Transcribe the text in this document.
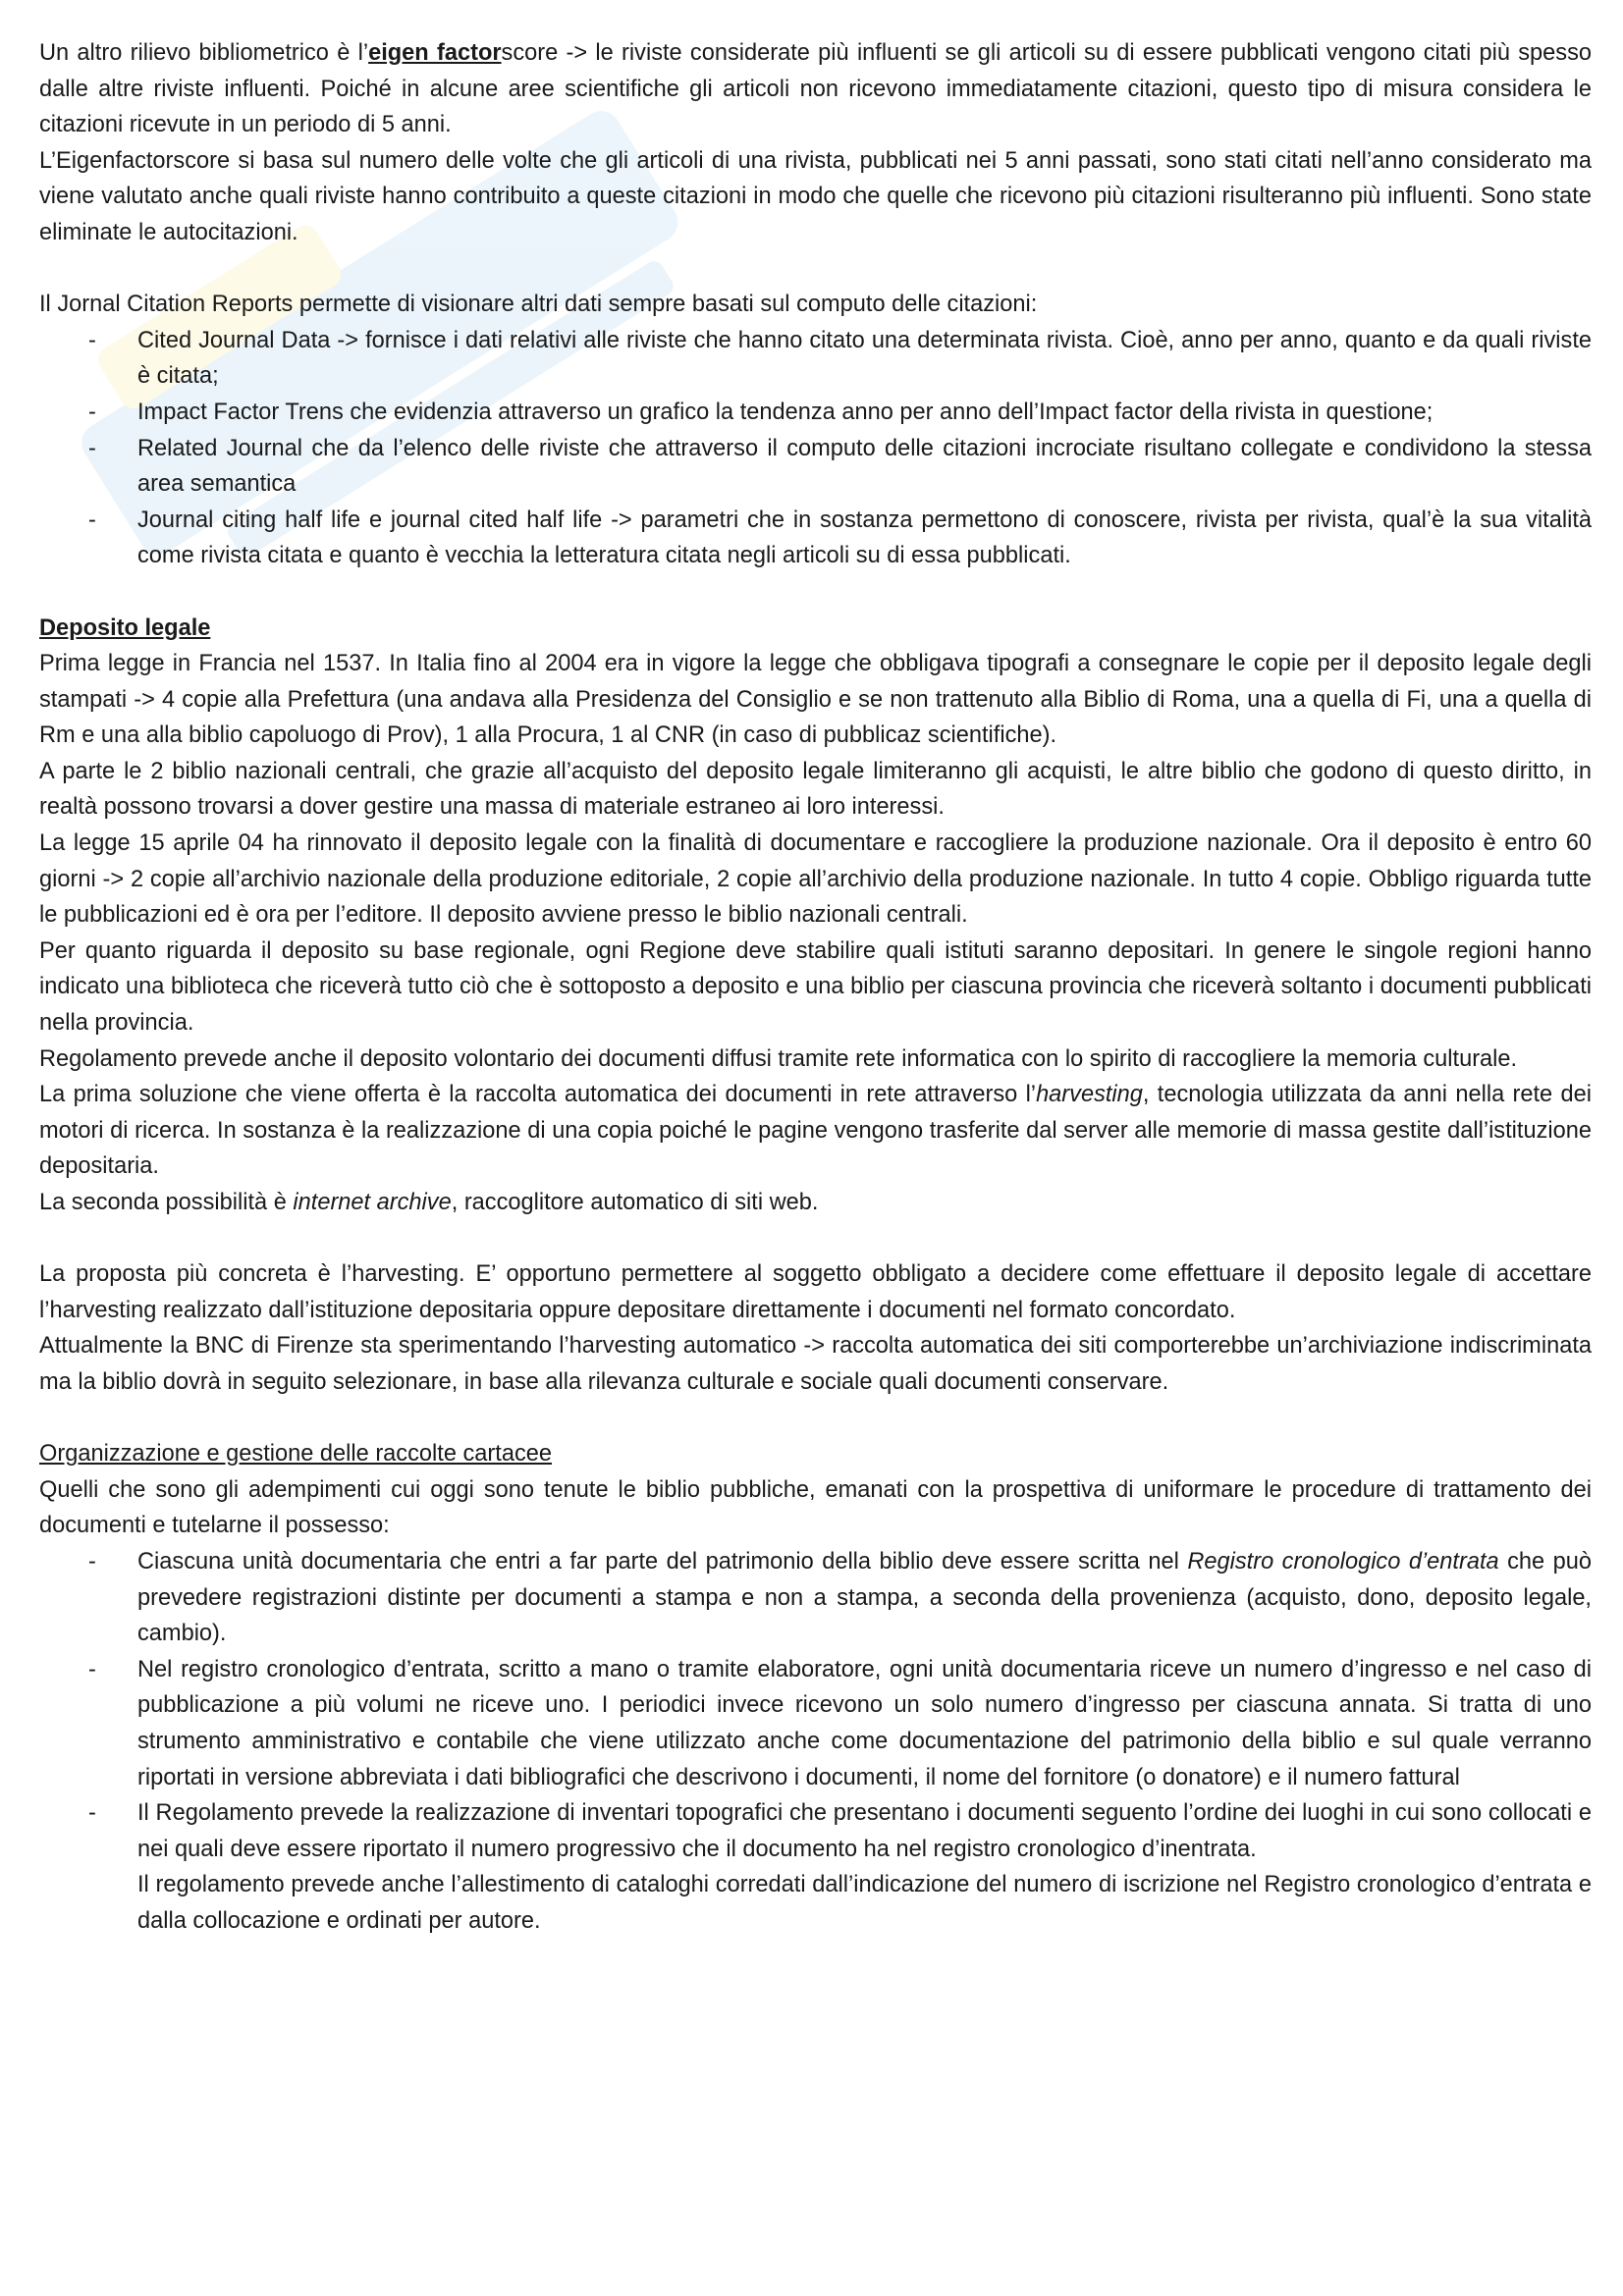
Un altro rilievo bibliometrico è l’eigen factorscore -> le riviste considerate più influenti se gli articoli su di essere pubblicati vengono citati più spesso dalle altre riviste influenti. Poiché in alcune aree scientifiche gli articoli non ricevono immediatamente citazioni, questo tipo di misura considera le citazioni ricevute in un periodo di 5 anni.

L’Eigenfactorscore si basa sul numero delle volte che gli articoli di una rivista, pubblicati nei 5 anni passati, sono stati citati nell’anno considerato ma viene valutato anche quali riviste hanno contribuito a queste citazioni in modo che quelle che ricevono più citazioni risulteranno più influenti. Sono state eliminate le autocitazioni.

Il Jornal Citation Reports permette di visionare altri dati sempre basati sul computo delle citazioni:

- Cited Journal Data -> fornisce i dati relativi alle riviste che hanno citato una determinata rivista. Cioè, anno per anno, quanto e da quali riviste è citata;

- Impact Factor Trens che evidenzia attraverso un grafico la tendenza anno per anno dell’Impact factor della rivista in questione;

- Related Journal che da l’elenco delle riviste che attraverso il computo delle citazioni incrociate risultano collegate e condividono la stessa area semantica

- Journal citing half life e journal cited half life -> parametri che in sostanza permettono di conoscere, rivista per rivista, qual’è la sua vitalità come rivista citata e quanto è vecchia la letteratura citata negli articoli su di essa pubblicati.

Deposito legale

Prima legge in Francia nel 1537. In Italia fino al 2004 era in vigore la legge che obbligava tipografi a consegnare le copie per il deposito legale degli stampati -> 4 copie alla Prefettura (una andava alla Presidenza del Consiglio e se non trattenuto alla Biblio di Roma, una a quella di Fi, una a quella di Rm e una alla biblio capoluogo di Prov), 1 alla Procura, 1 al CNR (in caso di pubblicaz scientifiche).

A parte le 2 biblio nazionali centrali, che grazie all’acquisto del deposito legale limiteranno gli acquisti, le altre biblio che godono di questo diritto, in realtà possono trovarsi a dover gestire una massa di materiale estraneo ai loro interessi.

La legge 15 aprile 04 ha rinnovato il deposito legale con la finalità di documentare e raccogliere la produzione nazionale. Ora il deposito è entro 60 giorni -> 2 copie all’archivio nazionale della produzione editoriale, 2 copie all’archivio della produzione nazionale. In tutto 4 copie. Obbligo riguarda tutte le pubblicazioni ed è ora per l’editore. Il deposito avviene presso le biblio nazionali centrali.

Per quanto riguarda il deposito su base regionale, ogni Regione deve stabilire quali istituti saranno depositari. In genere le singole regioni hanno indicato una biblioteca che riceverà tutto ciò che è sottoposto a deposito e una biblio per ciascuna provincia che riceverà soltanto i documenti pubblicati nella provincia.

Regolamento prevede anche il deposito volontario dei documenti diffusi tramite rete informatica con lo spirito di raccogliere la memoria culturale.

La prima soluzione che viene offerta è la raccolta automatica dei documenti in rete attraverso l’harvesting, tecnologia utilizzata da anni nella rete dei motori di ricerca. In sostanza è la realizzazione di una copia poiché le pagine vengono trasferite dal server alle memorie di massa gestite dall’istituzione depositaria.

La seconda possibilità è internet archive, raccoglitore automatico di siti web.

La proposta più concreta è l’harvesting. E’ opportuno permettere al soggetto obbligato a decidere come effettuare il deposito legale di accettare l’harvesting realizzato dall’istituzione depositaria oppure depositare direttamente i documenti nel formato concordato.

Attualmente la BNC di Firenze sta sperimentando l’harvesting automatico -> raccolta automatica dei siti comporterebbe un’archiviazione indiscriminata ma la biblio dovrà in seguito selezionare, in base alla rilevanza culturale e sociale quali documenti conservare.

Organizzazione e gestione delle raccolte cartacee

Quelli che sono gli adempimenti cui oggi sono tenute le biblio pubbliche, emanati con la prospettiva di uniformare le procedure di trattamento dei documenti e tutelarne il possesso:

- Ciascuna unità documentaria che entri a far parte del patrimonio della biblio deve essere scritta nel Registro cronologico d’entrata che può prevedere registrazioni distinte per documenti a stampa e non a stampa, a seconda della provenienza (acquisto, dono, deposito legale, cambio).

- Nel registro cronologico d’entrata, scritto a mano o tramite elaboratore, ogni unità documentaria riceve un numero d’ingresso e nel caso di pubblicazione a più volumi ne riceve uno. I periodici invece ricevono un solo numero d’ingresso per ciascuna annata. Si tratta di uno strumento amministrativo e contabile che viene utilizzato anche come documentazione del patrimonio della biblio e sul quale verranno riportati in versione abbreviata i dati bibliografici che descrivono i documenti, il nome del fornitore (o donatore) e il numero fattural

- Il Regolamento prevede la realizzazione di inventari topografici che presentano i documenti seguento l’ordine dei luoghi in cui sono collocati e nei quali deve essere riportato il numero progressivo che il documento ha nel registro cronologico d’inentrata.

Il regolamento prevede anche l’allestimento di cataloghi corredati dall’indicazione del numero di iscrizione nel Registro cronologico d’entrata e dalla collocazione e ordinati per autore.
